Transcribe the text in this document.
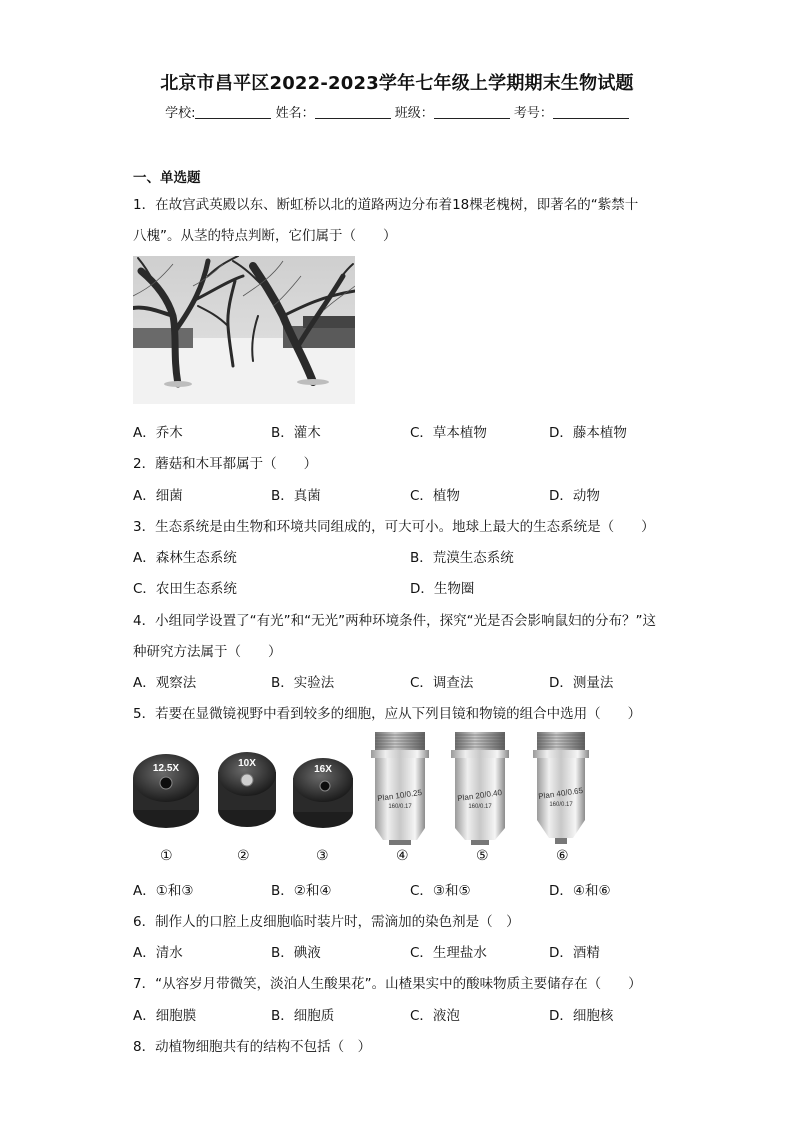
北京市昌平区2022-2023学年七年级上学期期末生物试题
学校:	姓名：	班级：	考号：
一、单选题
1．在故宫武英殿以东、断虹桥以北的道路两边分布着18棵老槐树，即著名的“紫禁十
八槐”。从茎的特点判断，它们属于（　　）
A．乔木	B．灌木	C．草本植物	D．藤本植物
2．蘑菇和木耳都属于（　　）
A．细菌	B．真菌	C．植物	D．动物
3．生态系统是由生物和环境共同组成的，可大可小。地球上最大的生态系统是（　　）
A．森林生态系统	B．荒漠生态系统
C．农田生态系统	D．生物圈
4．小组同学设置了“有光”和“无光”两种环境条件，探究“光是否会影响鼠妇的分布？”这
种研究方法属于（　　）
A．观察法	B．实验法	C．调查法	D．测量法
5．若要在显微镜视野中看到较多的细胞，应从下列目镜和物镜的组合中选用（　　）
12.5X	10X
16X
Plan 10/0.25
160/0.17
Plan 20/0.40
160/0.17
Plan 40/0.65
160/0.17
①	②	③	④	⑤	⑥
A．①和③	B．②和④	C．③和⑤	D．④和⑥
6．制作人的口腔上皮细胞临时装片时，需滴加的染色剂是（　）
A．清水	B．碘液	C．生理盐水	D．酒精
7．“从容岁月带微笑，淡泊人生酸果花”。山楂果实中的酸味物质主要储存在（　　）
A．细胞膜	B．细胞质	C．液泡	D．细胞核
8．动植物细胞共有的结构不包括（　）
